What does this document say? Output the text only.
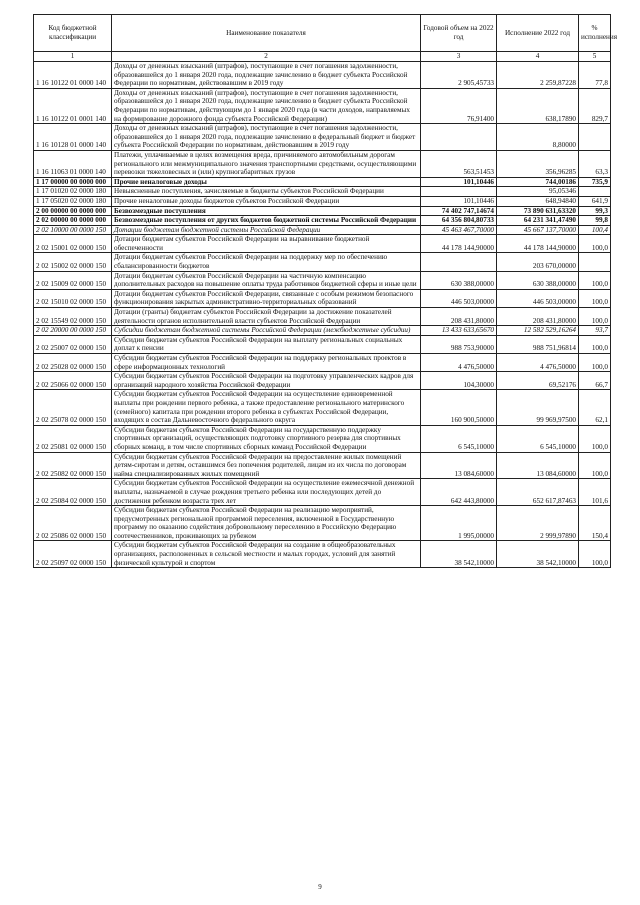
Код бюджетной классификации	Наименование показателя	Годовой объем на 2022 год	Исполнение 2022 год	% исполнения
1	2	3	4	5
1 16 10122 01 0000 140	Доходы от денежных взысканий (штрафов), поступающие в счет погашения задолженности, образовавшейся до 1 января 2020 года, подлежащие зачислению в бюджет субъекта Российской Федерации по нормативам, действовавшим в 2019 году	2 905,45733	2 259,87228	77,8
1 16 10122 01 0001 140	Доходы от денежных взысканий (штрафов), поступающие в счет погашения задолженности, образовавшейся до 1 января 2020 года, подлежащие зачислению в бюджет субъекта Российской Федерации по нормативам, действующим до 1 января 2020 года (в части доходов, направляемых на формирование дорожного фонда субъекта Российской Федерации)	76,91400	638,17890	829,7
1 16 10128 01 0000 140	Доходы от денежных взысканий (штрафов), поступающие в счет погашения задолженности, образовавшейся до 1 января 2020 года, подлежащие зачислению в федеральный бюджет и бюджет субъекта Российской Федерации по нормативам, действовавшим в 2019 году		8,80000	
1 16 11063 01 0000 140	Платежи, уплачиваемые в целях возмещения вреда, причиняемого автомобильным дорогам регионального или межмуниципального значения транспортными средствами, осуществляющими перевозки тяжеловесных и (или) крупногабаритных грузов	563,51453	356,96285	63,3
1 17 00000 00 0000 000	Прочие неналоговые доходы	101,10446	744,00186	735,9
1 17 01020 02 0000 180	Невыясненные поступления, зачисляемые в бюджеты субъектов Российской Федерации		95,05346	
1 17 05020 02 0000 180	Прочие неналоговые доходы бюджетов субъектов Российской Федерации	101,10446	648,94840	641,9
2 00 00000 00 0000 000	Безвозмездные поступления	74 402 747,14674	73 890 631,63320	99,3
2 02 00000 00 0000 000	Безвозмездные поступления от других бюджетов бюджетной системы Российской Федерации	64 356 804,80733	64 231 341,47490	99,8
2 02 10000 00 0000 150	Дотации бюджетам бюджетной системы Российской Федерации	45 463 467,70000	45 667 137,70000	100,4
2 02 15001 02 0000 150	Дотации бюджетам субъектов Российской Федерации на выравнивание бюджетной обеспеченности	44 178 144,90000	44 178 144,90000	100,0
2 02 15002 02 0000 150	Дотации бюджетам субъектов Российской Федерации на поддержку мер по обеспечению сбалансированности бюджетов		203 670,00000	
2 02 15009 02 0000 150	Дотации бюджетам субъектов Российской Федерации на частичную компенсацию дополнительных расходов на повышение оплаты труда работников бюджетной сферы и иные цели	630 388,00000	630 388,00000	100,0
2 02 15010 02 0000 150	Дотации бюджетам субъектов Российской Федерации, связанные с особым режимом безопасного функционирования закрытых административно-территориальных образований	446 503,00000	446 503,00000	100,0
2 02 15549 02 0000 150	Дотации (гранты) бюджетам субъектов Российской Федерации за достижение показателей деятельности органов исполнительной власти субъектов Российской Федерации	208 431,80000	208 431,80000	100,0
2 02 20000 00 0000 150	Субсидии бюджетам бюджетной системы Российской Федерации (межбюджетные субсидии)	13 433 633,65670	12 582 529,16264	93,7
2 02 25007 02 0000 150	Субсидии бюджетам субъектов Российской Федерации на выплату региональных социальных доплат к пенсии	988 753,90000	988 751,96814	100,0
2 02 25028 02 0000 150	Субсидии бюджетам субъектов Российской Федерации на поддержку региональных проектов в сфере информационных технологий	4 476,50000	4 476,50000	100,0
2 02 25066 02 0000 150	Субсидии бюджетам субъектов Российской Федерации на подготовку управленческих кадров для организаций народного хозяйства Российской Федерации	104,30000	69,52176	66,7
2 02 25078 02 0000 150	Субсидии бюджетам субъектов Российской Федерации на осуществление единовременной выплаты при рождении первого ребенка, а также предоставление регионального материнского (семейного) капитала при рождении второго ребенка в субъектах Российской Федерации, входящих в состав Дальневосточного федерального округа	160 900,50000	99 969,97500	62,1
2 02 25081 02 0000 150	Субсидии бюджетам субъектов Российской Федерации на государственную поддержку спортивных организаций, осуществляющих подготовку спортивного резерва для спортивных сборных команд, в том числе спортивных сборных команд Российской Федерации	6 545,10000	6 545,10000	100,0
2 02 25082 02 0000 150	Субсидии бюджетам субъектов Российской Федерации на предоставление жилых помещений детям-сиротам и детям, оставшимся без попечения родителей, лицам из их числа по договорам найма специализированных жилых помещений	13 084,60000	13 084,60000	100,0
2 02 25084 02 0000 150	Субсидии бюджетам субъектов Российской Федерации на осуществление ежемесячной денежной выплаты, назначаемой в случае рождения третьего ребенка или последующих детей до достижения ребенком возраста трех лет	642 443,80000	652 617,87463	101,6
2 02 25086 02 0000 150	Субсидии бюджетам субъектов Российской Федерации на реализацию мероприятий, предусмотренных региональной программой переселения, включенной в Государственную программу по оказанию содействия добровольному переселению в Российскую Федерацию соотечественников, проживающих за рубежом	1 995,00000	2 999,97890	150,4
2 02 25097 02 0000 150	Субсидии бюджетам субъектов Российской Федерации на создание в общеобразовательных организациях, расположенных в сельской местности и малых городах, условий для занятий физической культурой и спортом	38 542,10000	38 542,10000	100,0
9
